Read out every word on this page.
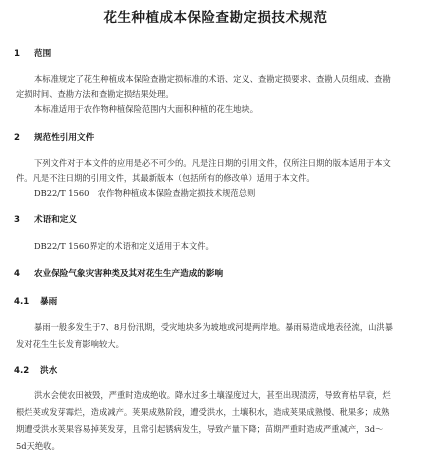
花生种植成本保险查勘定损技术规范
1 范围
本标准规定了花生种植成本保险查勘定损标准的术语、定义、查勘定损要求、查勘人员组成、查勘
定损时间、查勘方法和查勘定损结果处理。
本标准适用于农作物种植保险范围内大面积种植的花生地块。
2 规范性引用文件
下列文件对于本文件的应用是必不可少的。凡是注日期的引用文件，仅所注日期的版本适用于本文
件。凡是不注日期的引用文件，其最新版本（包括所有的修改单）适用于本文件。
DB22/T 1560　农作物种植成本保险查勘定损技术规范总则
3 术语和定义
DB22/T 1560界定的术语和定义适用于本文件。
4 农业保险气象灾害种类及其对花生生产造成的影响
4.1 暴雨
暴雨一般多发生于7、8月份汛期，受灾地块多为坡地或河堤两岸地。暴雨易造成地表径流，山洪暴
发对花生生长发育影响较大。
4.2 洪水
洪水会使农田被毁，严重时造成绝收。降水过多土壤湿度过大，甚至出现渍涝，导致育枯早衰，烂
根烂荚或发芽霉烂，造成减产。荚果成熟阶段，遭受洪水，土壤积水，造成荚果成熟慢、秕果多；成熟
期遭受洪水荚果容易掉荚发芽，且常引起锈病发生，导致产量下降；苗期严重时造成严重减产，3d～
5d天绝收。
